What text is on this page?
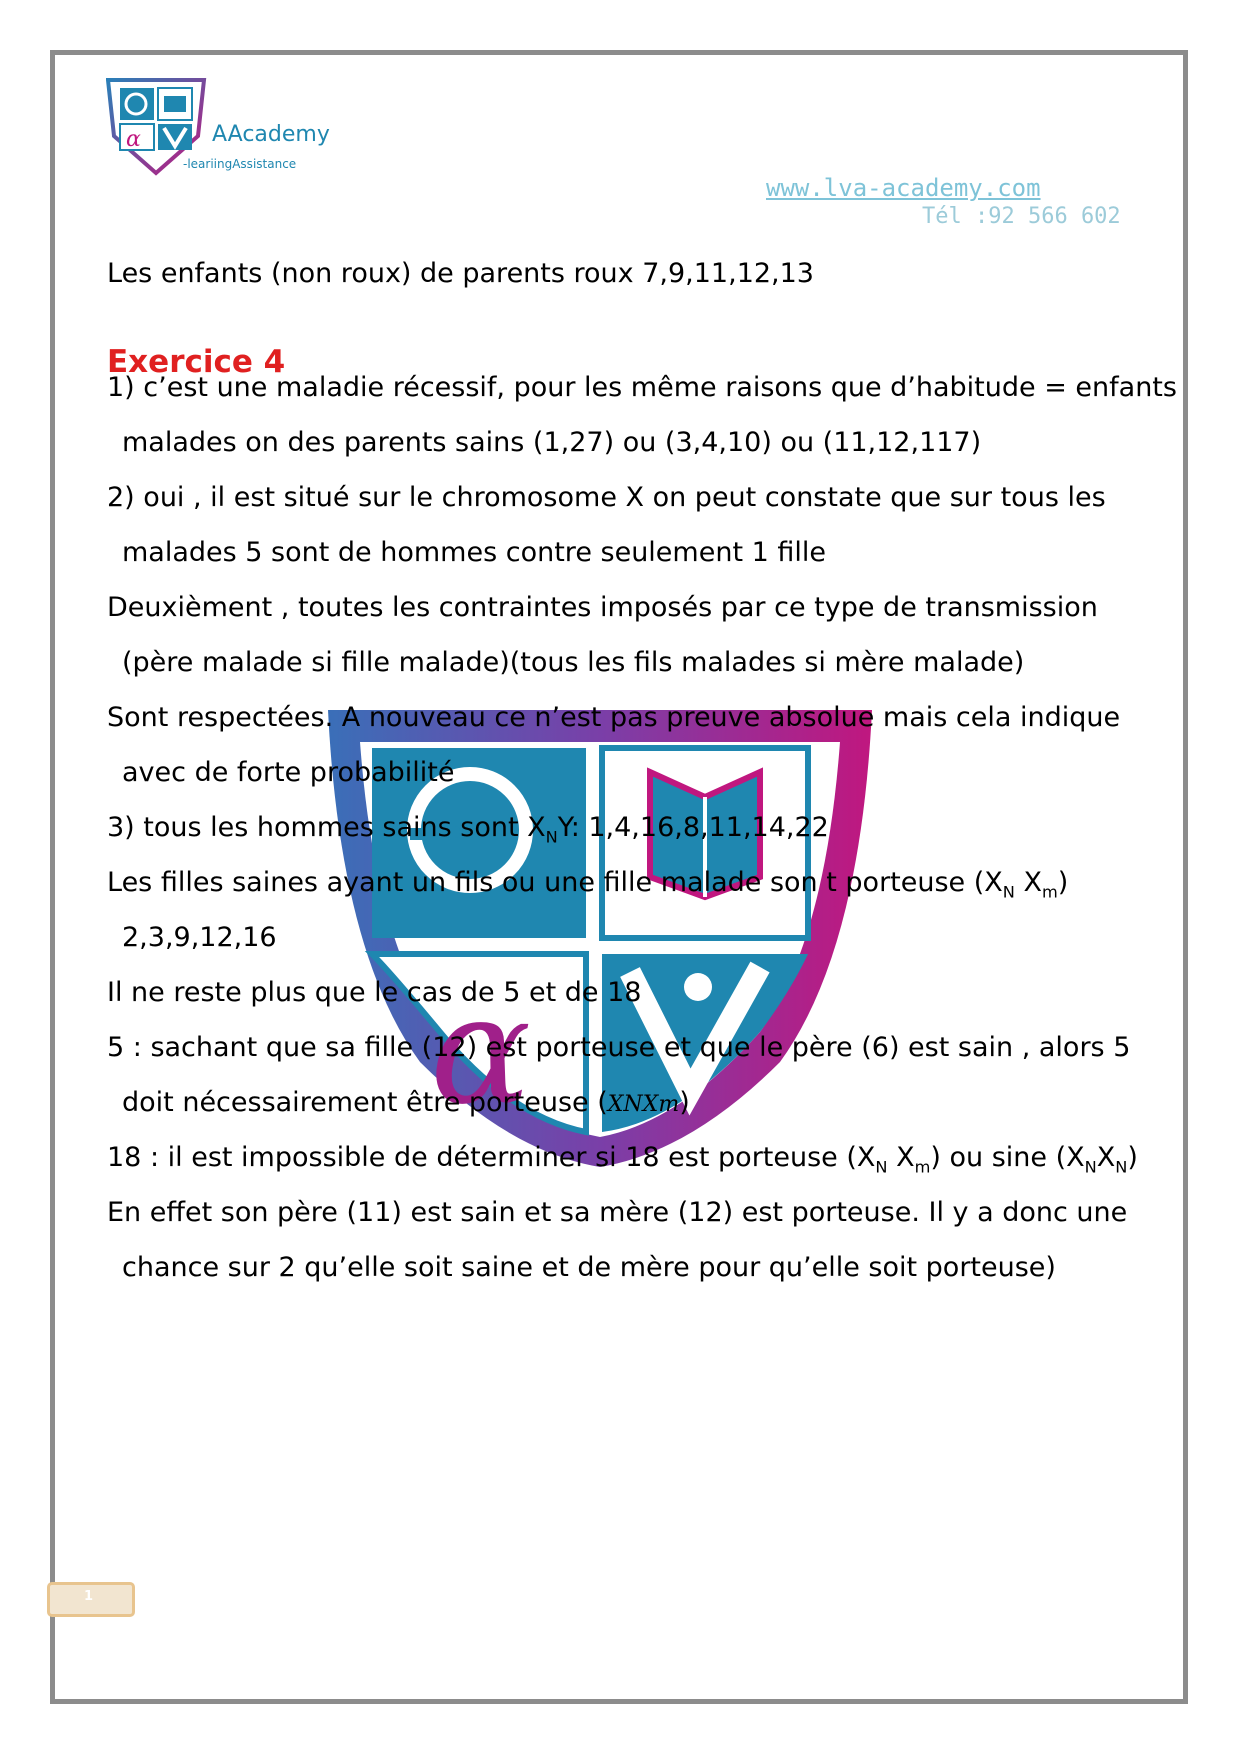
α	AAcademy
-leariingAssistance
www.lva-academy.com
Tél :92 566 602
α
Les enfants (non roux) de parents roux 7,9,11,12,13
Exercice 4
1) c’est une maladie récessif, pour les même raisons que d’habitude = enfants
malades on des parents sains (1,27) ou (3,4,10) ou (11,12,117)
2) oui , il est situé sur le chromosome X on peut constate que sur tous les
malades 5 sont de hommes contre seulement 1 fille
Deuxièment , toutes les contraintes imposés par ce type de transmission
(père malade si fille malade)(tous les fils malades si mère malade)
Sont respectées. A nouveau ce n’est pas preuve absolue mais cela indique
avec de forte probabilité
3) tous les hommes sains sont $X_NY$: 1,4,16,8,11,14,22
Les filles saines ayant un fils ou une fille malade son t porteuse ($X_N$ $X_m$)
2,3,9,12,16
Il ne reste plus que le cas de 5 et de 18
5 : sachant que sa fille (12) est porteuse et que le père (6) est sain , alors 5
doit nécessairement être porteuse (XNXm)
18 : il est impossible de déterminer si 18 est porteuse ($X_N$ $X_m$) ou sine $(X_NX_N)$
En effet son père (11) est sain et sa mère (12) est porteuse. Il y a donc une
chance sur 2 qu’elle soit saine et de mère pour qu’elle soit porteuse)
1
